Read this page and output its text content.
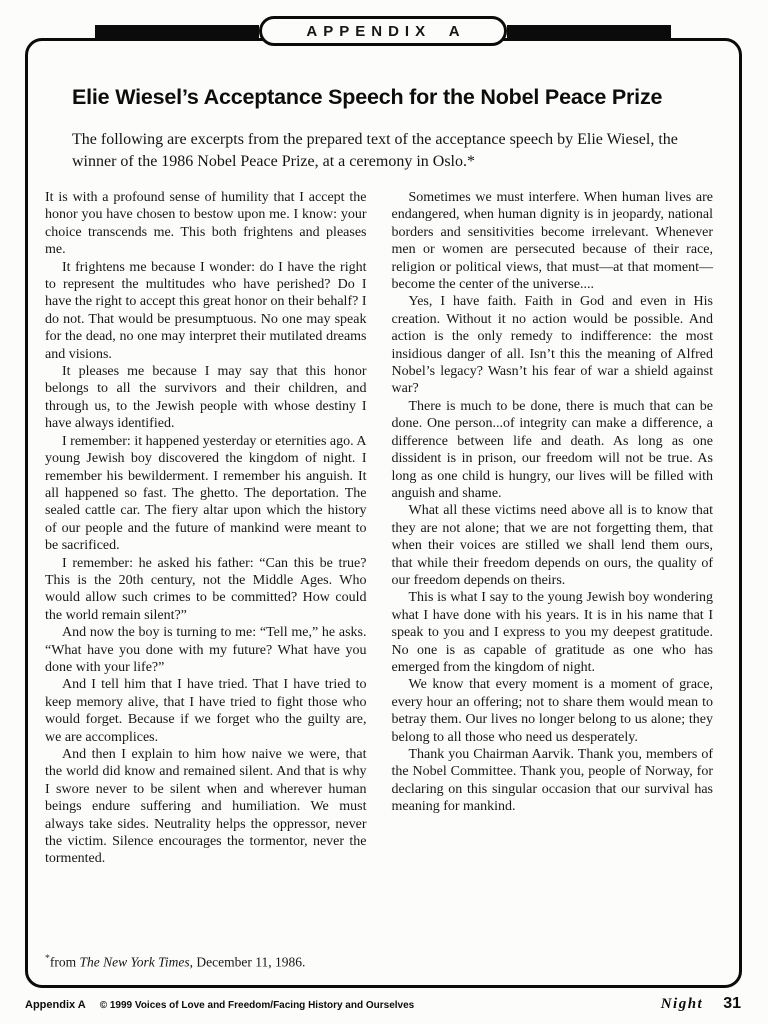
APPENDIX A
Elie Wiesel’s Acceptance Speech for the Nobel Peace Prize

The following are excerpts from the prepared text of the acceptance speech by Elie Wiesel, the winner of the 1986 Nobel Peace Prize, at a ceremony in Oslo.*

It is with a profound sense of humility that I accept the honor you have chosen to bestow upon me. I know: your choice transcends me. This both frightens and pleases me.

It frightens me because I wonder: do I have the right to represent the multitudes who have perished? Do I have the right to accept this great honor on their behalf? I do not. That would be presumptuous. No one may speak for the dead, no one may interpret their mutilated dreams and visions.

It pleases me because I may say that this honor belongs to all the survivors and their children, and through us, to the Jewish people with whose destiny I have always identified.

I remember: it happened yesterday or eternities ago. A young Jewish boy discovered the kingdom of night. I remember his bewilderment. I remember his anguish. It all happened so fast. The ghetto. The deportation. The sealed cattle car. The fiery altar upon which the history of our people and the future of mankind were meant to be sacrificed.

I remember: he asked his father: “Can this be true? This is the 20th century, not the Middle Ages. Who would allow such crimes to be committed? How could the world remain silent?”

And now the boy is turning to me: “Tell me,” he asks. “What have you done with my future? What have you done with your life?”

And I tell him that I have tried. That I have tried to keep memory alive, that I have tried to fight those who would forget. Because if we forget who the guilty are, we are accomplices.

And then I explain to him how naive we were, that the world did know and remained silent. And that is why I swore never to be silent when and wherever human beings endure suffering and humiliation. We must always take sides. Neutrality helps the oppressor, never the victim. Silence encourages the tormentor, never the tormented.

Sometimes we must interfere. When human lives are endangered, when human dignity is in jeopardy, national borders and sensitivities become irrelevant. Whenever men or women are persecuted because of their race, religion or political views, that must—at that moment—become the center of the universe....

Yes, I have faith. Faith in God and even in His creation. Without it no action would be possible. And action is the only remedy to indifference: the most insidious danger of all. Isn’t this the meaning of Alfred Nobel’s legacy? Wasn’t his fear of war a shield against war?

There is much to be done, there is much that can be done. One person...of integrity can make a difference, a difference between life and death. As long as one dissident is in prison, our freedom will not be true. As long as one child is hungry, our lives will be filled with anguish and shame.

What all these victims need above all is to know that they are not alone; that we are not forgetting them, that when their voices are stilled we shall lend them ours, that while their freedom depends on ours, the quality of our freedom depends on theirs.

This is what I say to the young Jewish boy wondering what I have done with his years. It is in his name that I speak to you and I express to you my deepest gratitude. No one is as capable of gratitude as one who has emerged from the kingdom of night.

We know that every moment is a moment of grace, every hour an offering; not to share them would mean to betray them. Our lives no longer belong to us alone; they belong to all those who need us desperately.

Thank you Chairman Aarvik. Thank you, members of the Nobel Committee. Thank you, people of Norway, for declaring on this singular occasion that our survival has meaning for mankind.

*from The New York Times, December 11, 1986.

Appendix A © 1999 Voices of Love and Freedom/Facing History and Ourselves	Night 31
